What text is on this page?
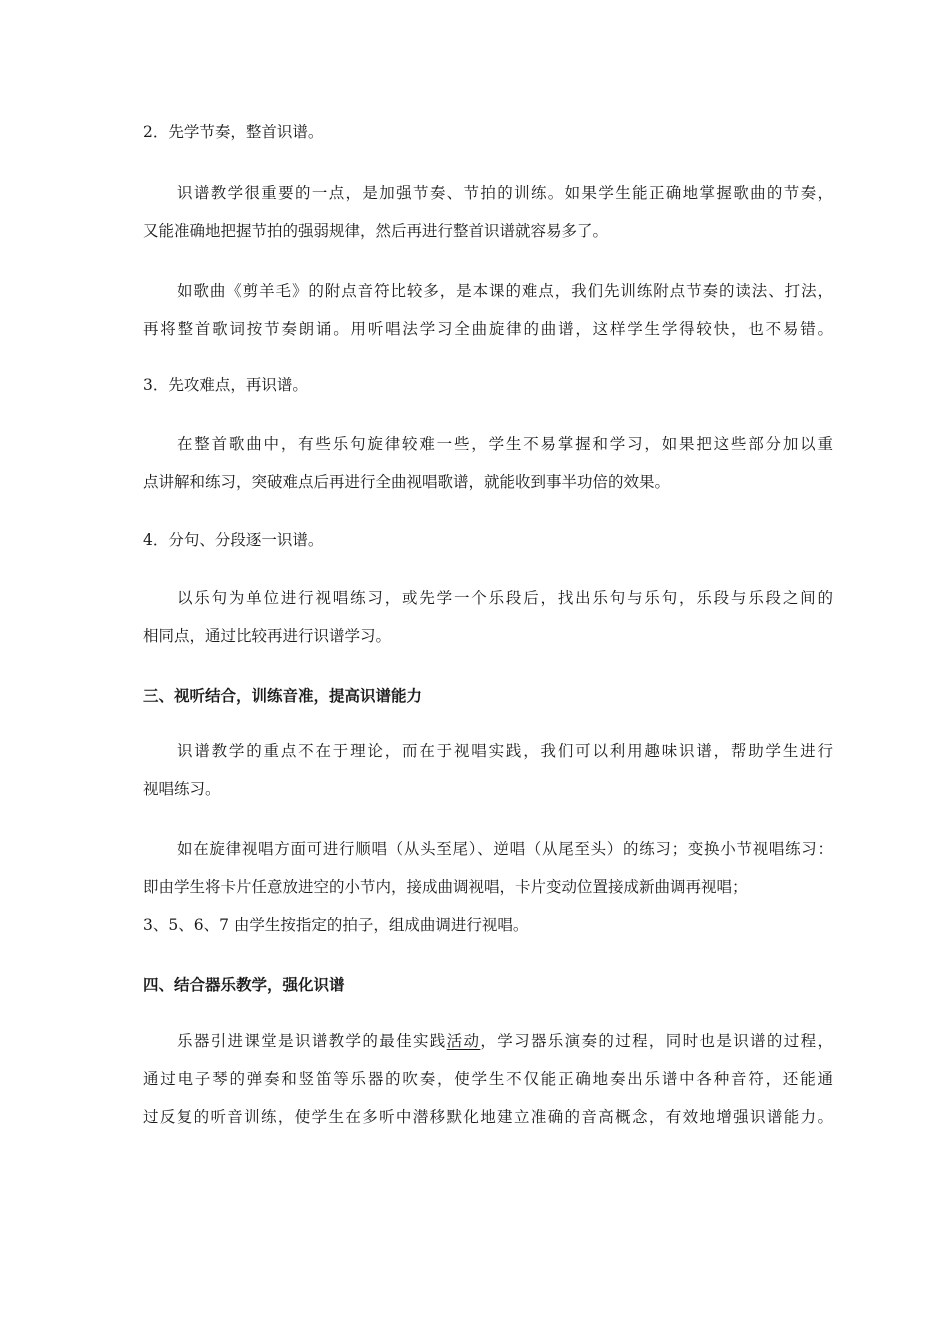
2．先学节奏，整首识谱。
识谱教学很重要的一点，是加强节奏、节拍的训练。如果学生能正确地掌握歌曲的节奏，
又能准确地把握节拍的强弱规律，然后再进行整首识谱就容易多了。
如歌曲《剪羊毛》的附点音符比较多，是本课的难点，我们先训练附点节奏的读法、打法，
再将整首歌词按节奏朗诵。用听唱法学习全曲旋律的曲谱，这样学生学得较快，也不易错。
3．先攻难点，再识谱。
在整首歌曲中，有些乐句旋律较难一些，学生不易掌握和学习，如果把这些部分加以重
点讲解和练习，突破难点后再进行全曲视唱歌谱，就能收到事半功倍的效果。
4．分句、分段逐一识谱。
以乐句为单位进行视唱练习，或先学一个乐段后，找出乐句与乐句，乐段与乐段之间的
相同点，通过比较再进行识谱学习。
三、视听结合，训练音准，提高识谱能力
识谱教学的重点不在于理论，而在于视唱实践，我们可以利用趣味识谱，帮助学生进行
视唱练习。
如在旋律视唱方面可进行顺唱（从头至尾）、逆唱（从尾至头）的练习；变换小节视唱练习：
即由学生将卡片任意放进空的小节内，接成曲调视唱，卡片变动位置接成新曲调再视唱；
3、5、6、7 由学生按指定的拍子，组成曲调进行视唱。
四、结合器乐教学，强化识谱
乐器引进课堂是识谱教学的最佳实践活动，学习器乐演奏的过程，同时也是识谱的过程，
通过电子琴的弹奏和竖笛等乐器的吹奏，使学生不仅能正确地奏出乐谱中各种音符，还能通
过反复的听音训练，使学生在多听中潜移默化地建立准确的音高概念，有效地增强识谱能力。
